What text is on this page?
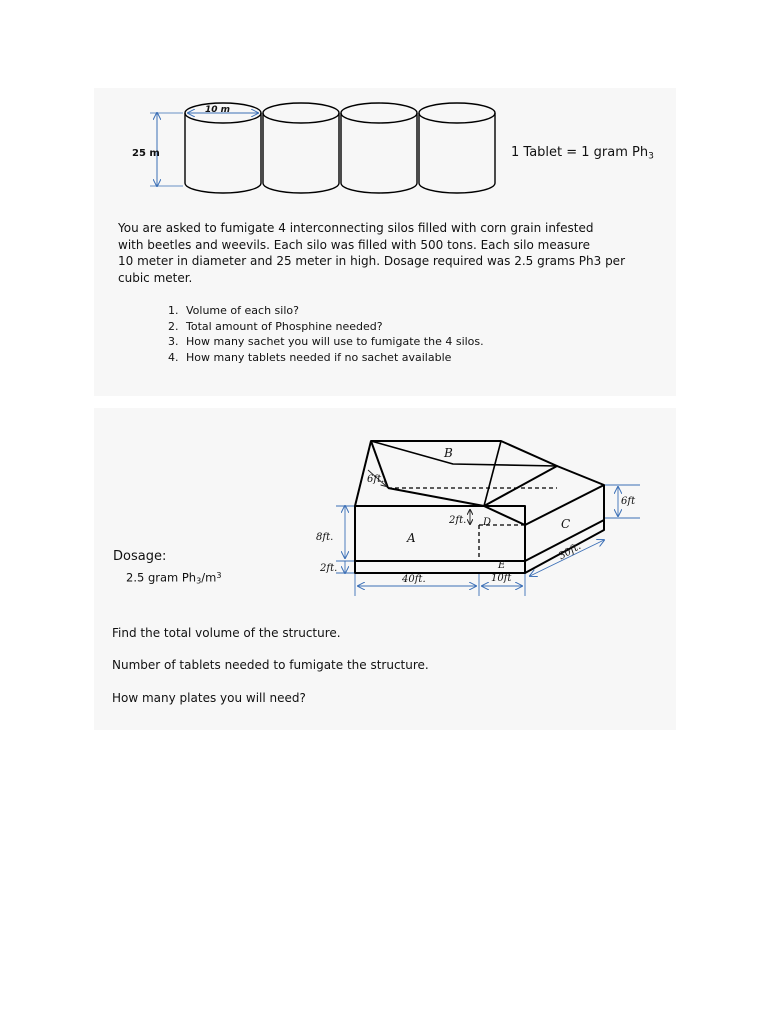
10 m
25 m	1 Tablet = 1 gram $Ph_3$
You are asked to fumigate 4 interconnecting silos filled with corn grain infested
with beetles and weevils. Each silo was filled with 500 tons. Each silo measure
10 meter in diameter and 25 meter in high. Dosage required was 2.5 grams Ph3 per
cubic meter.
1. Volume of each silo?
2. Total amount of Phosphine needed?
3. How many sachet you will use to fumigate the 4 silos.
4. How many tablets needed if no sachet available
B
A
C
D
E
6ft.
6ft
8ft.
2ft.
2ft.
40ft.	10ft
30ft.
Dosage:
2.5 gram $Ph_3/m^3$
Find the total volume of the structure.
Number of tablets needed to fumigate the structure.
How many plates you will need?
